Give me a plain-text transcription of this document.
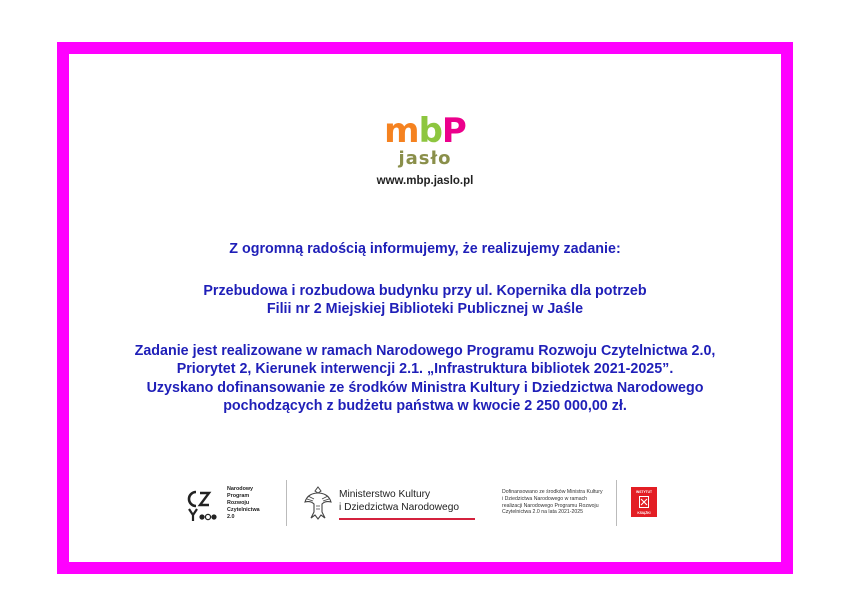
m b P
jasło
www.mbp.jaslo.pl

Z ogromną radością informujemy, że realizujemy zadanie:

Przebudowa i rozbudowa budynku przy ul. Kopernika dla potrzeb

Filii nr 2 Miejskiej Biblioteki Publicznej w Jaśle

Zadanie jest realizowane w ramach Narodowego Programu Rozwoju Czytelnictwa 2.0,

Priorytet 2, Kierunek interwencji 2.1. „Infrastruktura bibliotek 2021-2025”.

Uzyskano dofinansowanie ze środków Ministra Kultury i Dziedzictwa Narodowego

pochodzących z budżetu państwa w kwocie 2 250 000,00 zł.

Narodowy
Program
Rozwoju
Czytelnictwa
2.0
Ministerstwo Kultury
i Dziedzictwa Narodowego

Dofinansowano ze środków Ministra Kultury

i Dziedzictwa Narodowego w ramach

realizacji Narodowego Programu Rozwoju

Czytelnictwa 2.0 na lata 2021-2025

INSTYTUT
KSIĄŻKI
